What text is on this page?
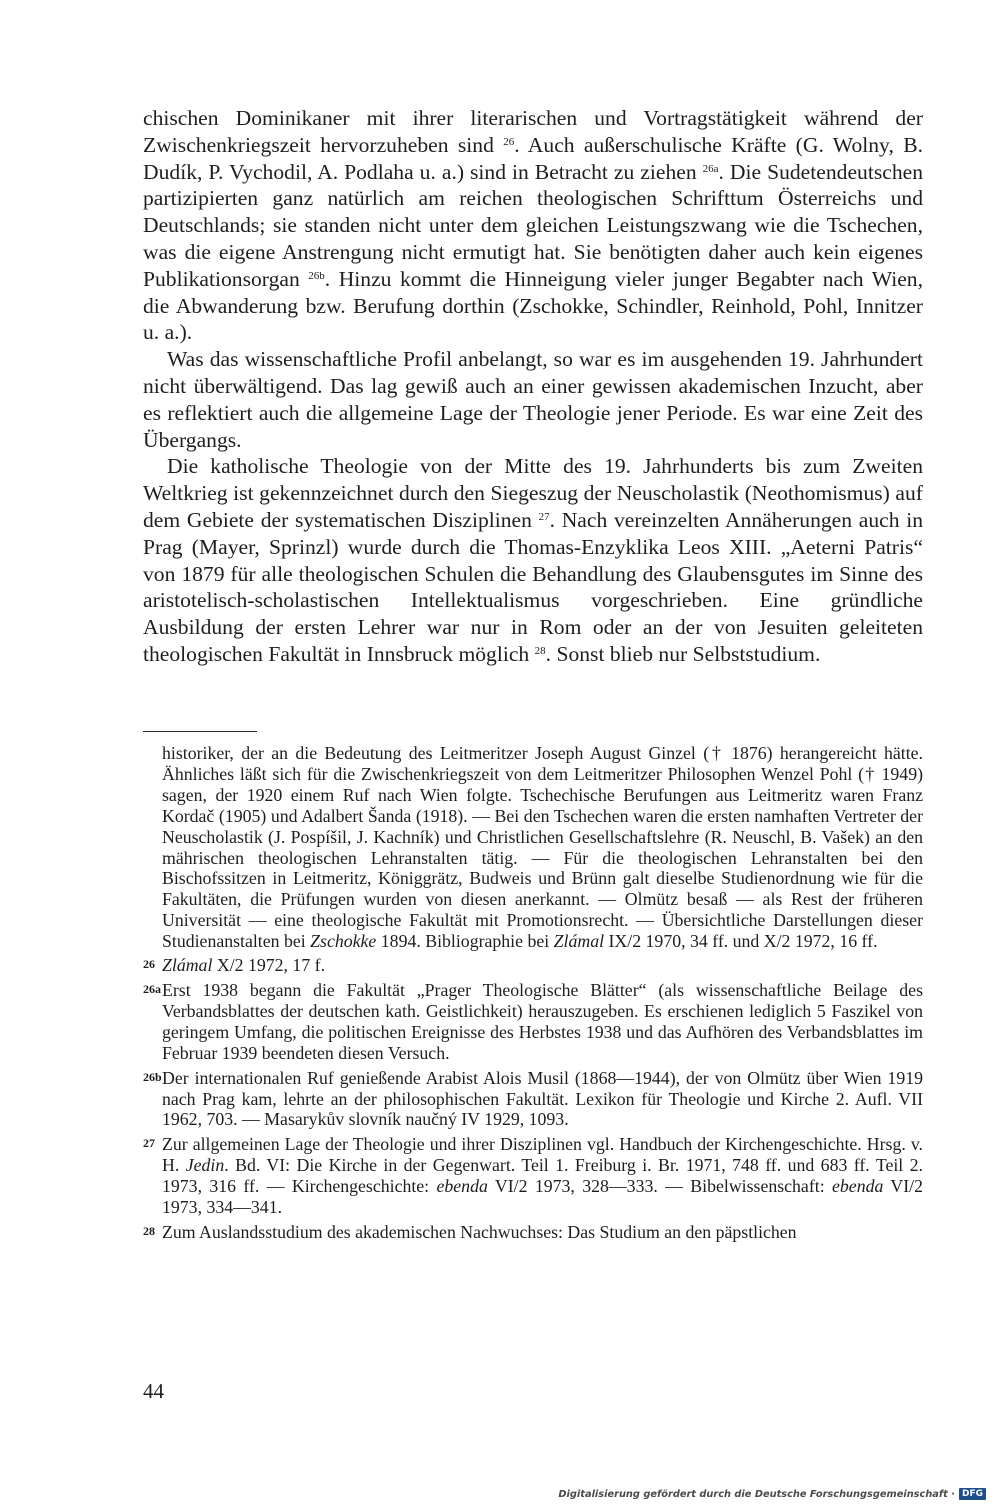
chischen Dominikaner mit ihrer literarischen und Vortragstätigkeit während der Zwischenkriegszeit hervorzuheben sind $^{26}$. Auch außerschulische Kräfte (G. Wolny, B. Dudík, P. Vychodil, A. Podlaha u. a.) sind in Betracht zu ziehen $^{26a}$. Die Sudetendeutschen partizipierten ganz natürlich am reichen theologischen Schrifttum Österreichs und Deutschlands; sie standen nicht unter dem gleichen Leistungszwang wie die Tschechen, was die eigene Anstrengung nicht ermutigt hat. Sie benötigten daher auch kein eigenes Publikationsorgan $^{26b}$. Hinzu kommt die Hinneigung vieler junger Begabter nach Wien, die Abwanderung bzw. Berufung dorthin (Zschokke, Schindler, Reinhold, Pohl, Innitzer u. a.).

Was das wissenschaftliche Profil anbelangt, so war es im ausgehenden 19. Jahrhundert nicht überwältigend. Das lag gewiß auch an einer gewissen akademischen Inzucht, aber es reflektiert auch die allgemeine Lage der Theologie jener Periode. Es war eine Zeit des Übergangs.

Die katholische Theologie von der Mitte des 19. Jahrhunderts bis zum Zweiten Weltkrieg ist gekennzeichnet durch den Siegeszug der Neuscholastik (Neothomismus) auf dem Gebiete der systematischen Disziplinen $^{27}$. Nach vereinzelten Annäherungen auch in Prag (Mayer, Sprinzl) wurde durch die Thomas-Enzyklika Leos XIII. „Aeterni Patris“ von 1879 für alle theologischen Schulen die Behandlung des Glaubensgutes im Sinne des aristotelisch-scholastischen Intellektualismus vorgeschrieben. Eine gründliche Ausbildung der ersten Lehrer war nur in Rom oder an der von Jesuiten geleiteten theologischen Fakultät in Innsbruck möglich $^{28}$. Sonst blieb nur Selbststudium.

historiker, der an die Bedeutung des Leitmeritzer Joseph August Ginzel († 1876) herangereicht hätte. Ähnliches läßt sich für die Zwischenkriegszeit von dem Leitmeritzer Philosophen Wenzel Pohl († 1949) sagen, der 1920 einem Ruf nach Wien folgte. Tschechische Berufungen aus Leitmeritz waren Franz Kordač (1905) und Adalbert Šanda (1918). — Bei den Tschechen waren die ersten namhaften Vertreter der Neuscholastik (J. Pospíšil, J. Kachník) und Christlichen Gesellschaftslehre (R. Neuschl, B. Vašek) an den mährischen theologischen Lehranstalten tätig. — Für die theologischen Lehranstalten bei den Bischofssitzen in Leitmeritz, Königgrätz, Budweis und Brünn galt dieselbe Studienordnung wie für die Fakultäten, die Prüfungen wurden von diesen anerkannt. — Olmütz besaß — als Rest der früheren Universität — eine theologische Fakultät mit Promotionsrecht. — Übersichtliche Darstellungen dieser Studienanstalten bei Zschokke 1894. Bibliographie bei Zlámal IX/2 1970, 34 ff. und X/2 1972, 16 ff.
26 Zlámal X/2 1972, 17 f.
26a Erst 1938 begann die Fakultät „Prager Theologische Blätter“ (als wissenschaftliche Beilage des Verbandsblattes der deutschen kath. Geistlichkeit) herauszugeben. Es erschienen lediglich 5 Faszikel von geringem Umfang, die politischen Ereignisse des Herbstes 1938 und das Aufhören des Verbandsblattes im Februar 1939 beendeten diesen Versuch.
26b Der internationalen Ruf genießende Arabist Alois Musil (1868—1944), der von Olmütz über Wien 1919 nach Prag kam, lehrte an der philosophischen Fakultät. Lexikon für Theologie und Kirche 2. Aufl. VII 1962, 703. — Masarykův slovník naučný IV 1929, 1093.
27 Zur allgemeinen Lage der Theologie und ihrer Disziplinen vgl. Handbuch der Kirchengeschichte. Hrsg. v. H. Jedin. Bd. VI: Die Kirche in der Gegenwart. Teil 1. Freiburg i. Br. 1971, 748 ff. und 683 ff. Teil 2. 1973, 316 ff. — Kirchengeschichte: ebenda VI/2 1973, 328—333. — Bibelwissenschaft: ebenda VI/2 1973, 334—341.
28 Zum Auslandsstudium des akademischen Nachwuchses: Das Studium an den päpstlichen
44
Digitalisierung gefördert durch die Deutsche Forschungsgemeinschaft · DFG
